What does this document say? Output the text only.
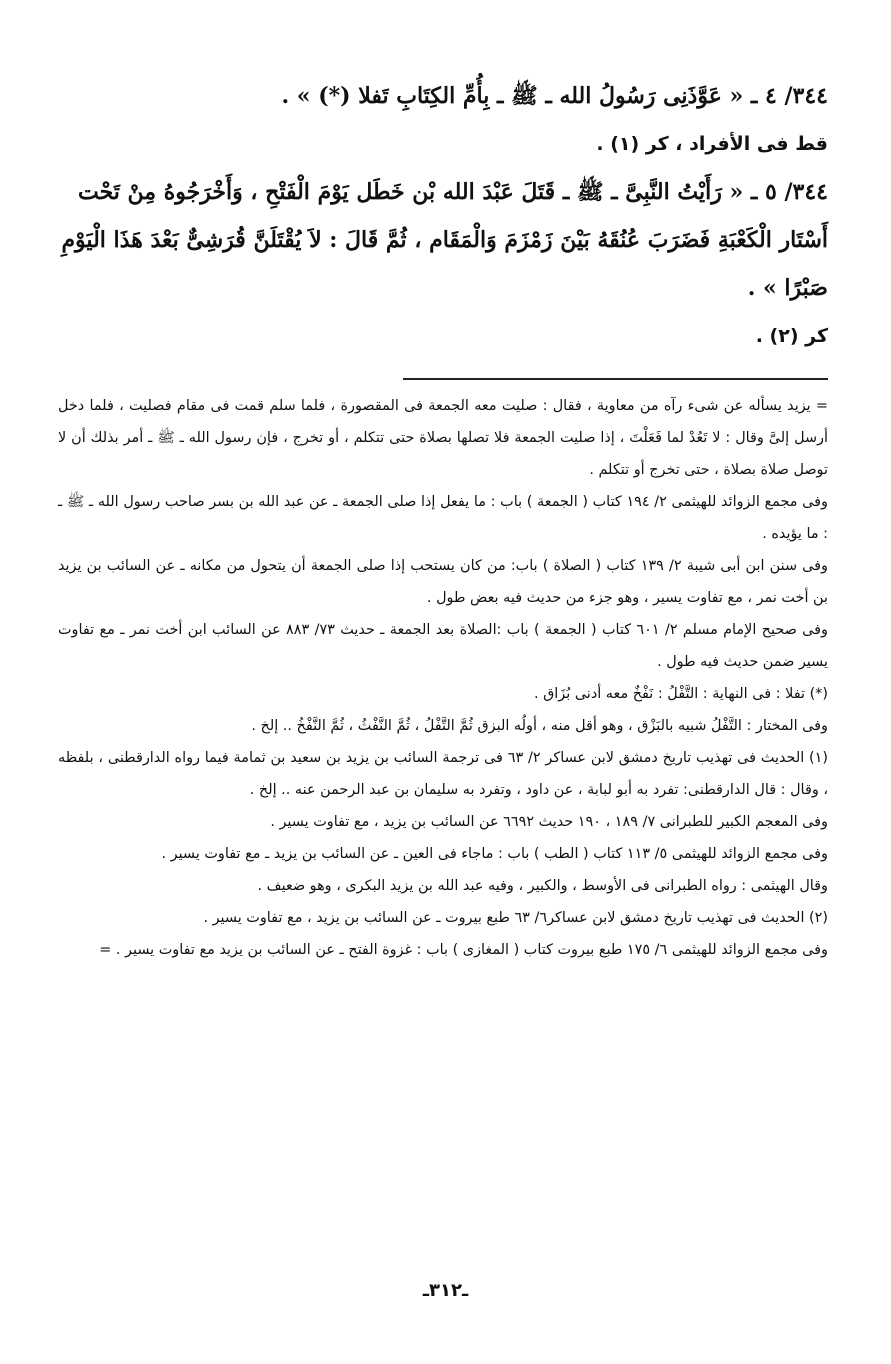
٣٤٤/ ٤ ـ « عَوَّذَنِى رَسُولُ الله ـ ﷺ ـ بِأُمِّ الكِتَابِ تَفلا (*) » .

قط فى الأفراد ، كر (١) .

٣٤٤/ ٥ ـ « رَأَيْتُ النَّبِىَّ ـ ﷺ ـ قَتَلَ عَبْدَ الله بْن خَطَل يَوْمَ الْفَتْحِ ، وَأَخْرَجُوهُ مِنْ تَحْت أَسْتَار الْكَعْبَةِ فَضَرَبَ عُنُقَهُ بَيْنَ زَمْزَمَ وَالْمَقَام ، ثُمَّ قَالَ : لاَ يُقْتَلَنَّ قُرَشِىٌّ بَعْدَ هَذَا الْيَوْمِ صَبْرًا » .

كر (٢) .

= يزيد يسأله عن شىء رآه من معاوية ، فقال : صليت معه الجمعة فى المقصورة ، فلما سلم قمت فى مقام فصليت ، فلما دخل أرسل إلىَّ وقال : لا تَعُدْ لما فَعَلْتَ ، إذا صليت الجمعة فلا تصلها بصلاة حتى تتكلم ، أو تخرج ، فإن رسول الله ـ ﷺ ـ أمر بذلك أن لا توصل صلاة بصلاة ، حتى تخرج أو تتكلم .

وفى مجمع الزوائد للهيثمى ٢/ ١٩٤ كتاب ( الجمعة ) باب : ما يفعل إذا صلى الجمعة ـ عن عبد الله بن بسر صاحب رسول الله ـ ﷺ ـ : ما يؤيده .

وفى سنن ابن أبى شيبة ٢/ ١٣٩ كتاب ( الصلاة ) باب: من كان يستحب إذا صلى الجمعة أن يتحول من مكانه ـ عن السائب بن يزيد بن أخت نمر ، مع تفاوت يسير ، وهو جزء من حديث فيه بعض طول .

وفى صحيح الإمام مسلم ٢/ ٦٠١ كتاب ( الجمعة ) باب :الصلاة بعد الجمعة ـ حديث ٧٣/ ٨٨٣ عن السائب ابن أخت نمر ـ مع تفاوت يسير ضمن حديث فيه طول .

(*) تفلا : فى النهاية : التَّفْلُ : نَفْخٌ معه أدنى بُزَاق .

وفى المختار : التَّفْلُ شبيه بالبَزْق ، وهو أقل منه ، أولُه البزق ثُمَّ التَّفْلُ ، ثُمَّ النَّفْثُ ، ثُمَّ النَّفْخُ .. إلخ .

(١) الحديث فى تهذيب تاريخ دمشق لابن عساكر ٢/ ٦٣ فى ترجمة السائب بن يزيد بن سعيد بن ثمامة فيما رواه الدارقطنى ، بلفظه ، وقال : قال الدارقطنى: تفرد به أبو لبابة ، عن داود ، وتفرد به سليمان بن عبد الرحمن عنه .. إلخ .

وفى المعجم الكبير للطبرانى ٧/ ١٨٩ ، ١٩٠ حديث ٦٦٩٢ عن السائب بن يزيد ، مع تفاوت يسير .

وفى مجمع الزوائد للهيثمى ٥/ ١١٣ كتاب ( الطب ) باب : ماجاء فى العين ـ عن السائب بن يزيد ـ مع تفاوت يسير .

وقال الهيثمى : رواه الطبرانى فى الأوسط ، والكبير ، وفيه عبد الله بن يزيد البكرى ، وهو ضعيف .

(٢) الحديث فى تهذيب تاريخ دمشق لابن عساكر٦/ ٦٣ طبع بيروت ـ عن السائب بن يزيد ، مع تفاوت يسير .

وفى مجمع الزوائد للهيثمى ٦/ ١٧٥ طبع بيروت كتاب ( المغازى ) باب : غزوة الفتح ـ عن السائب بن يزيد مع تفاوت يسير . =

ـ٣١٢ـ
